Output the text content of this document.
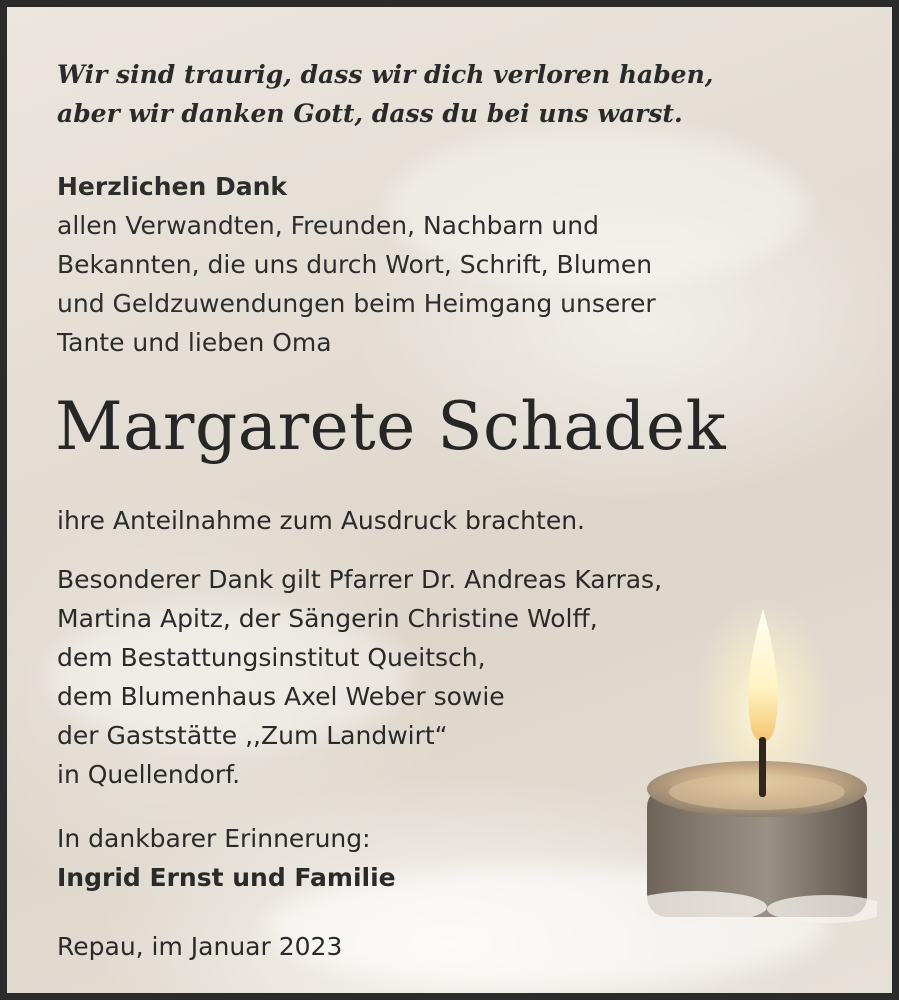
Wir sind traurig, dass wir dich verloren haben,
aber wir danken Gott, dass du bei uns warst.
Herzlichen Dank
allen Verwandten, Freunden, Nachbarn und
Bekannten, die uns durch Wort, Schrift, Blumen
und Geldzuwendungen beim Heimgang unserer
Tante und lieben Oma
Margarete Schadek
ihre Anteilnahme zum Ausdruck brachten.
Besonderer Dank gilt Pfarrer Dr. Andreas Karras,
Martina Apitz, der Sängerin Christine Wolff,
dem Bestattungsinstitut Queitsch,
dem Blumenhaus Axel Weber sowie
der Gaststätte ,,Zum Landwirt“
in Quellendorf.
In dankbarer Erinnerung:
Ingrid Ernst und Familie
Repau, im Januar 2023
